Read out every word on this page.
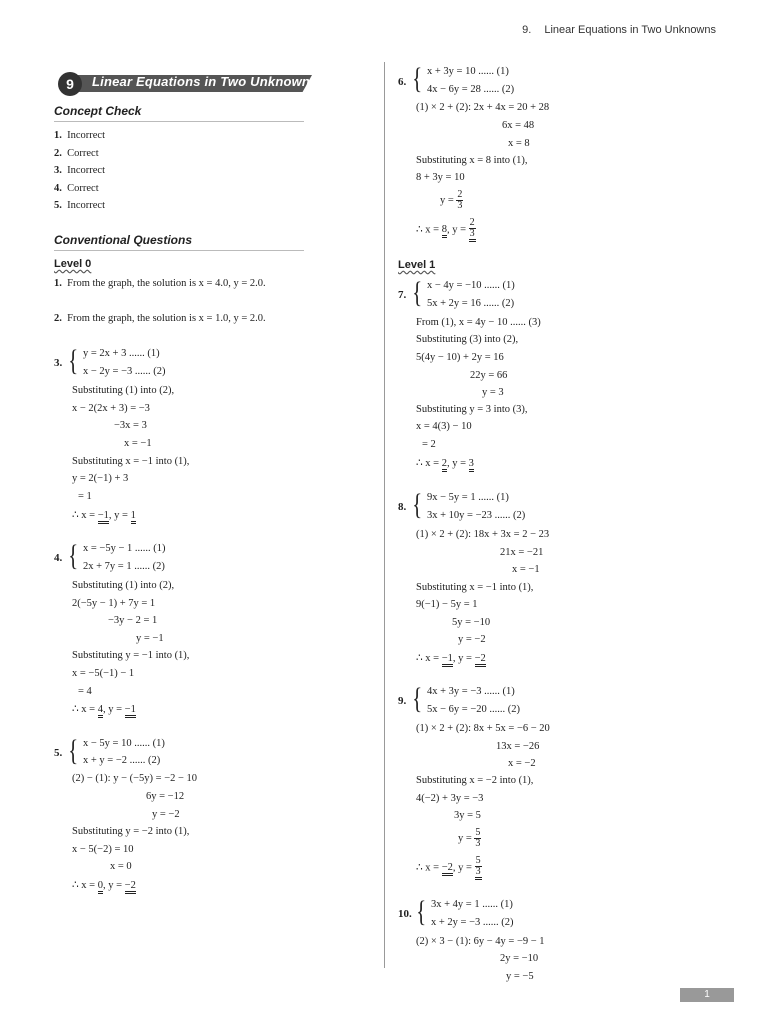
9. Linear Equations in Two Unknowns
9	Linear Equations in Two Unknowns
Concept Check
1. Incorrect
2. Correct
3. Incorrect
4. Correct
5. Incorrect
Conventional Questions
Level 0
1. From the graph, the solution is x = 4.0, y = 2.0.
2. From the graph, the solution is x = 1.0, y = 2.0.
3. { y = 2x + 3 ...... (1)
x − 2y = −3 ...... (2)
Substituting (1) into (2),
x − 2(2x + 3) = −3
−3x = 3
x = −1
Substituting x = −1 into (1),
y = 2(−1) + 3
= 1
∴ x = −1, y = 1
4. { x = −5y − 1 ...... (1)
2x + 7y = 1 ...... (2)
Substituting (1) into (2),
2(−5y − 1) + 7y = 1
−3y − 2 = 1
y = −1
Substituting y = −1 into (1),
x = −5(−1) − 1
= 4
∴ x = 4, y = −1
5. { x − 5y = 10 ...... (1)
x + y = −2 ...... (2)
(2) − (1): y − (−5y) = −2 − 10
6y = −12
y = −2
Substituting y = −2 into (1),
x − 5(−2) = 10
x = 0
∴ x = 0, y = −2
6. { x + 3y = 10 ...... (1)
4x − 6y = 28 ...... (2)
(1) × 2 + (2): 2x + 4x = 20 + 28
6x = 48
x = 8
Substituting x = 8 into (1),
8 + 3y = 10
$y = \frac{2}{3}$
∴ x = 8, $y = \frac{2}{3}$
Level 1
7. { x − 4y = −10 ...... (1)
5x + 2y = 16 ...... (2)
From (1), x = 4y − 10 ...... (3)
Substituting (3) into (2),
5(4y − 10) + 2y = 16
22y = 66
y = 3
Substituting y = 3 into (3),
x = 4(3) − 10
= 2
∴ x = 2, y = 3
8. { 9x − 5y = 1 ...... (1)
3x + 10y = −23 ...... (2)
(1) × 2 + (2): 18x + 3x = 2 − 23
21x = −21
x = −1
Substituting x = −1 into (1),
9(−1) − 5y = 1
5y = −10
y = −2
∴ x = −1, y = −2
9. { 4x + 3y = −3 ...... (1)
5x − 6y = −20 ...... (2)
(1) × 2 + (2): 8x + 5x = −6 − 20
13x = −26
x = −2
Substituting x = −2 into (1),
4(−2) + 3y = −3
3y = 5
$y = \frac{5}{3}$
∴ x = −2, $y = \frac{5}{3}$
10. { 3x + 4y = 1 ...... (1)
x + 2y = −3 ...... (2)
(2) × 3 − (1): 6y − 4y = −9 − 1
2y = −10
y = −5
1
